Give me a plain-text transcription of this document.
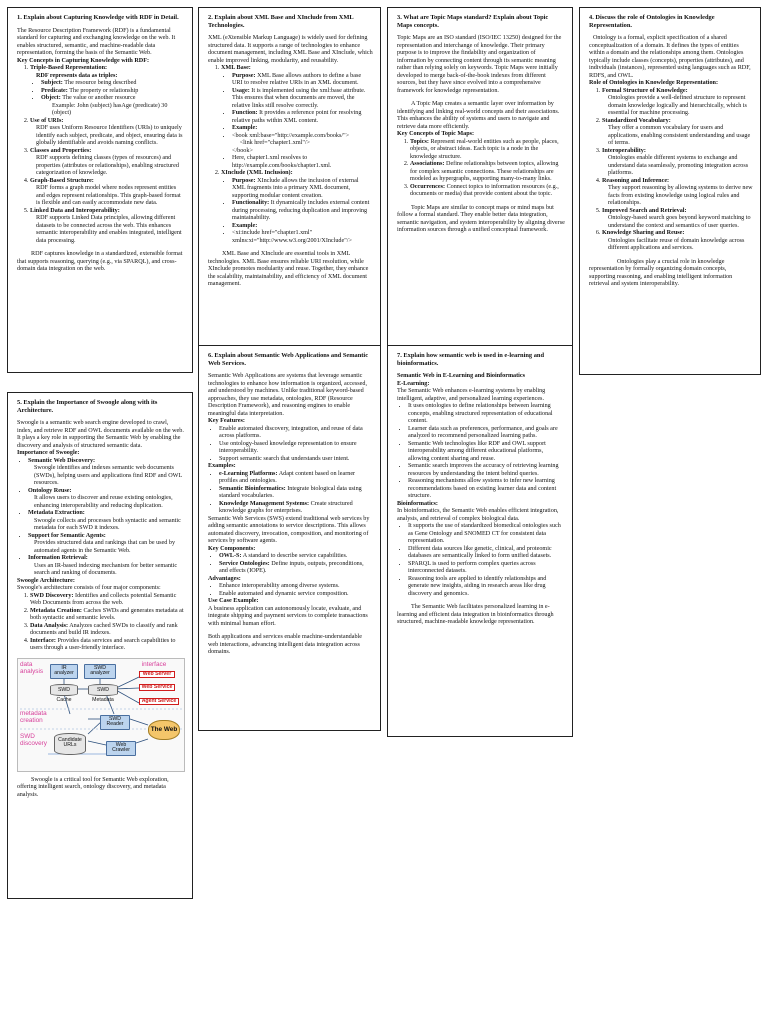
1. Explain about Capturing Knowledge with RDF in Detail.

The Resource Description Framework (RDF) is a fundamental standard for capturing and exchanging knowledge on the web. It enables structured, semantic, and machine-readable data representation, forming the basis of the Semantic Web.

Key Concepts in Capturing Knowledge with RDF:

1. Triple-Based Representation:
RDF represents data as triples:
• Subject: The resource being described
• Predicate: The property or relationship
• Object: The value or another resource
Example: John (subject) hasAge (predicate) 30 (object)
2. Use of URIs:
RDF uses Uniform Resource Identifiers (URIs) to uniquely identify each subject, predicate, and object, ensuring data is globally identifiable and avoids naming conflicts.
3. Classes and Properties:
RDF supports defining classes (types of resources) and properties (attributes or relationships), enabling structured categorization of knowledge.
4. Graph-Based Structure:
RDF forms a graph model where nodes represent entities and edges represent relationships. This graph-based format is flexible and can easily accommodate new data.
5. Linked Data and Interoperability:
RDF supports Linked Data principles, allowing different datasets to be connected across the web. This enhances semantic interoperability and enables integrated, intelligent data processing.

RDF captures knowledge in a standardized, extensible format that supports reasoning, querying (e.g., via SPARQL), and cross-domain data integration on the web.

2. Explain about XML Base and XInclude from XML Technologies.

XML (eXtensible Markup Language) is widely used for defining structured data. It supports a range of technologies to enhance document management, including XML Base and XInclude, which enable improved linking, modularity, and reusability.

1. XML Base:
• Purpose: XML Base allows authors to define a base URI to resolve relative URIs in an XML document.
• Usage: It is implemented using the xml:base attribute. This ensures that when documents are moved, the relative links still resolve correctly.
• Function: It provides a reference point for resolving relative paths within XML content.
• Example:
• <book xml:base="http://example.com/books/">
<link href="chapter1.xml"/>
</book>
• Here, chapter1.xml resolves to http://example.com/books/chapter1.xml.
2. XInclude (XML Inclusion):
• Purpose: XInclude allows the inclusion of external XML fragments into a primary XML document, supporting modular content creation.
• Functionality: It dynamically includes external content during processing, reducing duplication and improving maintainability.
• Example:
• <xi:include href="chapter1.xml" xmlns:xi="http://www.w3.org/2001/XInclude"/>

XML Base and XInclude are essential tools in XML technologies. XML Base ensures reliable URI resolution, while XInclude promotes modularity and reuse. Together, they enhance the scalability, maintainability, and efficiency of XML document management.

3. What are Topic Maps standard? Explain about Topic Maps concepts.

Topic Maps are an ISO standard (ISO/IEC 13250) designed for the representation and interchange of knowledge. Their primary purpose is to improve the findability and organization of information by connecting content through its semantic meaning rather than relying solely on keywords. Topic Maps were initially developed to merge back-of-the-book indexes from different sources, but they have since evolved into a comprehensive framework for knowledge representation.

A Topic Map creates a semantic layer over information by identifying and linking real-world concepts and their associations. This enhances the ability of systems and users to navigate and retrieve data more efficiently.

Key Concepts of Topic Maps:

1. Topics: Represent real-world entities such as people, places, objects, or abstract ideas. Each topic is a node in the knowledge structure.
2. Associations: Define relationships between topics, allowing for complex semantic connections. These relationships are modeled as hypergraphs, supporting many-to-many links.
3. Occurrences: Connect topics to information resources (e.g., documents or media) that provide content about the topic.

Topic Maps are similar to concept maps or mind maps but follow a formal standard. They enable better data integration, semantic navigation, and system interoperability by aligning diverse information sources through a unified conceptual framework.

4. Discuss the role of Ontologies in Knowledge Representation.

Ontology is a formal, explicit specification of a shared conceptualization of a domain. It defines the types of entities within a domain and the relationships among them. Ontologies typically include classes (concepts), properties (attributes), and individuals (instances), represented using languages such as RDF, RDFS, and OWL.

Role of Ontologies in Knowledge Representation:

1. Formal Structure of Knowledge:
Ontologies provide a well-defined structure to represent domain knowledge logically and hierarchically, which is essential for machine processing.
2. Standardized Vocabulary:
They offer a common vocabulary for users and applications, enabling consistent understanding and usage of terms.
3. Interoperability:
Ontologies enable different systems to exchange and understand data seamlessly, promoting integration across platforms.
4. Reasoning and Inference:
They support reasoning by allowing systems to derive new facts from existing knowledge using logical rules and relationships.
5. Improved Search and Retrieval:
Ontology-based search goes beyond keyword matching to understand the context and semantics of user queries.
6. Knowledge Sharing and Reuse:
Ontologies facilitate reuse of domain knowledge across different applications and services.

Ontologies play a crucial role in knowledge representation by formally organizing domain concepts, supporting reasoning, and enabling intelligent information retrieval and system interoperability.

5. Explain the Importance of Swoogle along with its Architecture.

Swoogle is a semantic web search engine developed to crawl, index, and retrieve RDF and OWL documents available on the web. It plays a key role in supporting the Semantic Web by enabling the discovery and analysis of structured semantic data.

Importance of Swoogle:

• Semantic Web Discovery:
Swoogle identifies and indexes semantic web documents (SWDs), helping users and applications find RDF and OWL resources.
• Ontology Reuse:
It allows users to discover and reuse existing ontologies, enhancing interoperability and reducing duplication.
• Metadata Extraction:
Swoogle collects and processes both syntactic and semantic metadata for each SWD it indexes.
• Support for Semantic Agents:
Provides structured data and rankings that can be used by automated agents in the Semantic Web.
• Information Retrieval:
Uses an IR-based indexing mechanism for better semantic search and ranking of documents.

Swoogle Architecture:

Swoogle's architecture consists of four major components:

1. SWD Discovery: Identifies and collects potential Semantic Web Documents from across the web.
2. Metadata Creation: Caches SWDs and generates metadata at both syntactic and semantic levels.
3. Data Analysis: Analyzes cached SWDs to classify and rank documents and build IR indexes.
4. Interface: Provides data services and search capabilities to users through a user-friendly interface.
data
analysis	IR analyzer
SWD analyzer
interface
Web Server
Web Service
Agent Service
SWD Cache
SWD Metadata
metadata
creation	SWD Reader
The Web
SWD
discovery	Candidate
URLs	Web Crawler

Swoogle is a critical tool for Semantic Web exploration, offering intelligent search, ontology discovery, and metadata analysis.

6. Explain about Semantic Web Applications and Semantic Web Services.

Semantic Web Applications are systems that leverage semantic technologies to enhance how information is organized, accessed, and understood by machines. Unlike traditional keyword-based approaches, they use metadata, ontologies, RDF (Resource Description Framework), and reasoning engines to enable meaningful data interpretation.

Key Features:

• Enable automated discovery, integration, and reuse of data across platforms.
• Use ontology-based knowledge representation to ensure interoperability.
• Support semantic search that understands user intent.

Examples:

• e-Learning Platforms: Adapt content based on learner profiles and ontologies.
• Semantic Bioinformatics: Integrate biological data using standard vocabularies.
• Knowledge Management Systems: Create structured knowledge graphs for enterprises.

Semantic Web Services (SWS) extend traditional web services by adding semantic annotations to service descriptions. This allows automated discovery, invocation, composition, and monitoring of services by software agents.

Key Components:

• OWL-S: A standard to describe service capabilities.
• Service Ontologies: Define inputs, outputs, preconditions, and effects (IOPE).

Advantages:

• Enhance interoperability among diverse systems.
• Enable automated and dynamic service composition.

Use Case Example:

A business application can autonomously locate, evaluate, and integrate shipping and payment services to complete transactions with minimal human effort.

Both applications and services enable machine-understandable web interactions, advancing intelligent data integration across domains.

7. Explain how semantic web is used in e-learning and bioinformatics.

Semantic Web in E-Learning and Bioinformatics

E-Learning:

The Semantic Web enhances e-learning systems by enabling intelligent, adaptive, and personalized learning experiences.

• It uses ontologies to define relationships between learning concepts, enabling structured representation of educational content.
• Learner data such as preferences, performance, and goals are analyzed to recommend personalized learning paths.
• Semantic Web technologies like RDF and OWL support interoperability among different educational platforms, allowing content sharing and reuse.
• Semantic search improves the accuracy of retrieving learning resources by understanding the intent behind queries.
• Reasoning mechanisms allow systems to infer new learning recommendations based on existing learner data and content structure.

Bioinformatics:

In bioinformatics, the Semantic Web enables efficient integration, analysis, and retrieval of complex biological data.

• It supports the use of standardized biomedical ontologies such as Gene Ontology and SNOMED CT for consistent data representation.
• Different data sources like genetic, clinical, and proteomic databases are semantically linked to form unified datasets.
• SPARQL is used to perform complex queries across interconnected datasets.
• Reasoning tools are applied to identify relationships and generate new insights, aiding in research areas like drug discovery and genomics.

The Semantic Web facilitates personalized learning in e-learning and efficient data integration in bioinformatics through structured, machine-readable knowledge representation.
